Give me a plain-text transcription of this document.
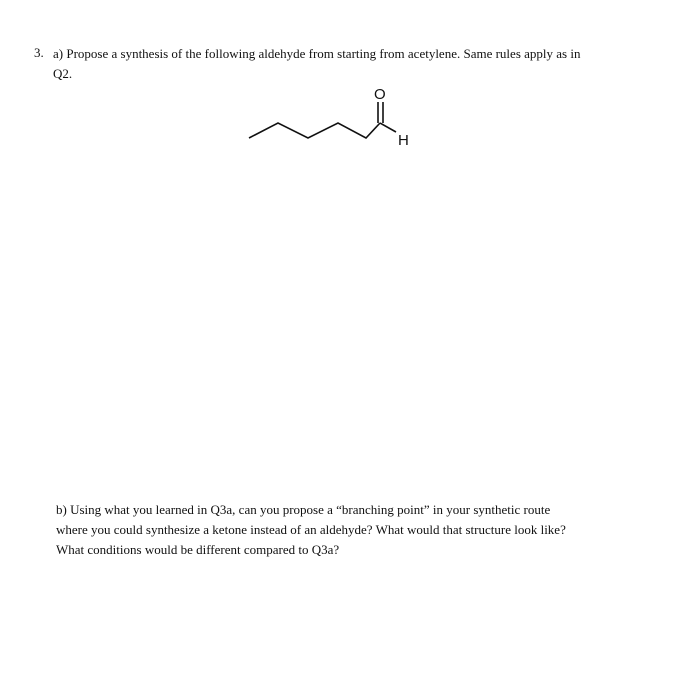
3. a) Propose a synthesis of the following aldehyde from starting from acetylene. Same rules apply as in
Q2.
O
H

b) Using what you learned in Q3a, can you propose a “branching point” in your synthetic route

where you could synthesize a ketone instead of an aldehyde? What would that structure look like?

What conditions would be different compared to Q3a?
